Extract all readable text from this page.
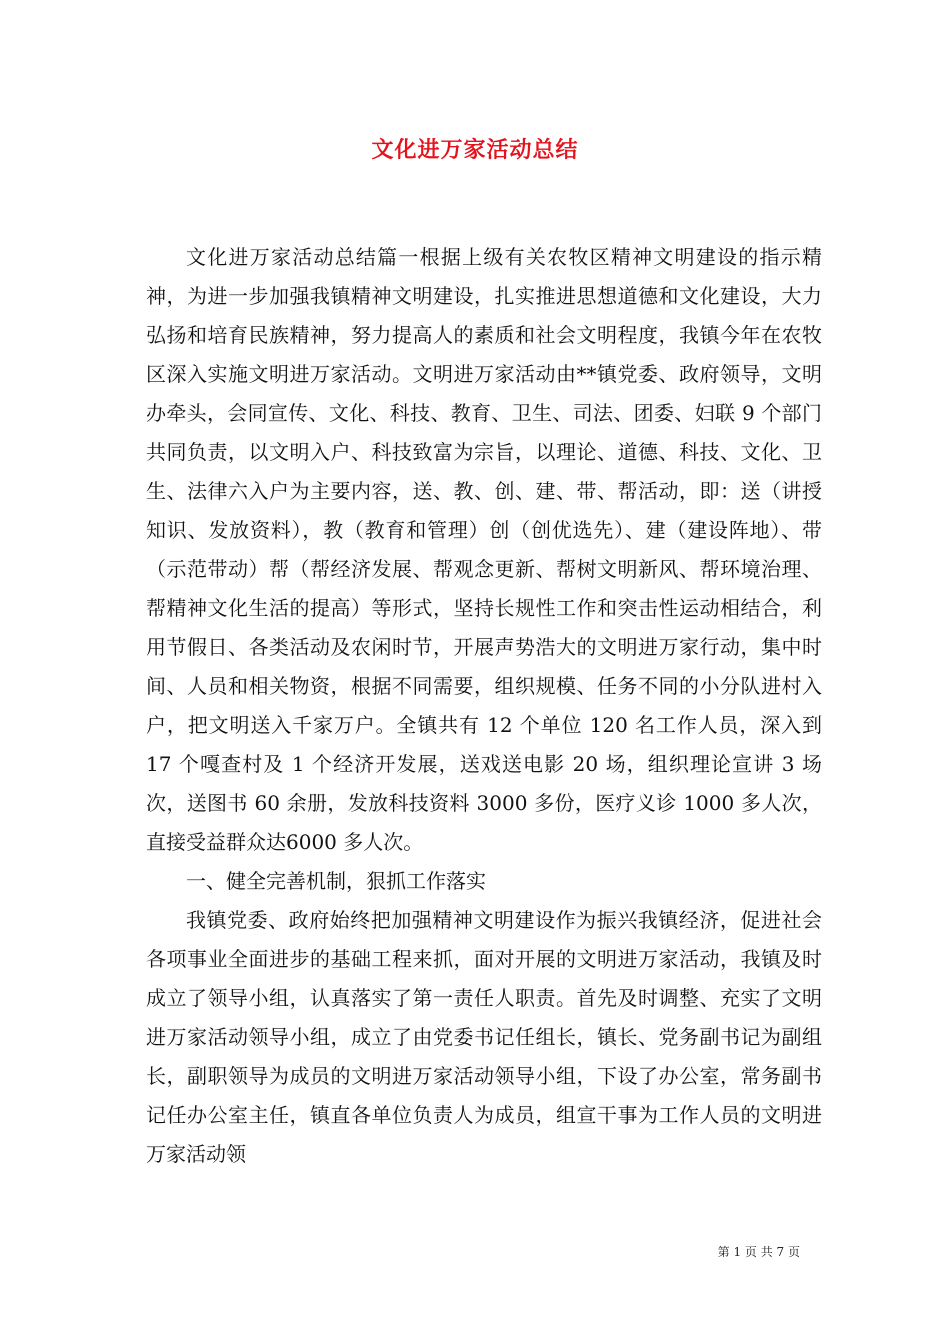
文化进万家活动总结

文化进万家活动总结篇一根据上级有关农牧区精神文明建设的指示精神，为进一步加强我镇精神文明建设，扎实推进思想道德和文化建设，大力弘扬和培育民族精神，努力提高人的素质和社会文明程度，我镇今年在农牧区深入实施文明进万家活动。文明进万家活动由**镇党委、政府领导，文明办牵头，会同宣传、文化、科技、教育、卫生、司法、团委、妇联 9 个部门共同负责，以文明入户、科技致富为宗旨，以理论、道德、科技、文化、卫生、法律六入户为主要内容，送、教、创、建、带、帮活动，即：送（讲授知识、发放资料），教（教育和管理）创（创优选先）、建（建设阵地）、带（示范带动）帮（帮经济发展、帮观念更新、帮树文明新风、帮环境治理、帮精神文化生活的提高）等形式，坚持长规性工作和突击性运动相结合，利用节假日、各类活动及农闲时节，开展声势浩大的文明进万家行动，集中时间、人员和相关物资，根据不同需要，组织规模、任务不同的小分队进村入户，把文明送入千家万户。全镇共有 12 个单位 120 名工作人员，深入到 17 个嘎查村及 1 个经济开发展，送戏送电影 20 场，组织理论宣讲 3 场次，送图书 60 余册，发放科技资料 3000 多份，医疗义诊 1000 多人次，直接受益群众达6000 多人次。

一、健全完善机制，狠抓工作落实

我镇党委、政府始终把加强精神文明建设作为振兴我镇经济，促进社会各项事业全面进步的基础工程来抓，面对开展的文明进万家活动，我镇及时成立了领导小组，认真落实了第一责任人职责。首先及时调整、充实了文明进万家活动领导小组，成立了由党委书记任组长，镇长、党务副书记为副组长，副职领导为成员的文明进万家活动领导小组，下设了办公室，常务副书记任办公室主任，镇直各单位负责人为成员，组宣干事为工作人员的文明进万家活动领

第 1 页 共 7 页
